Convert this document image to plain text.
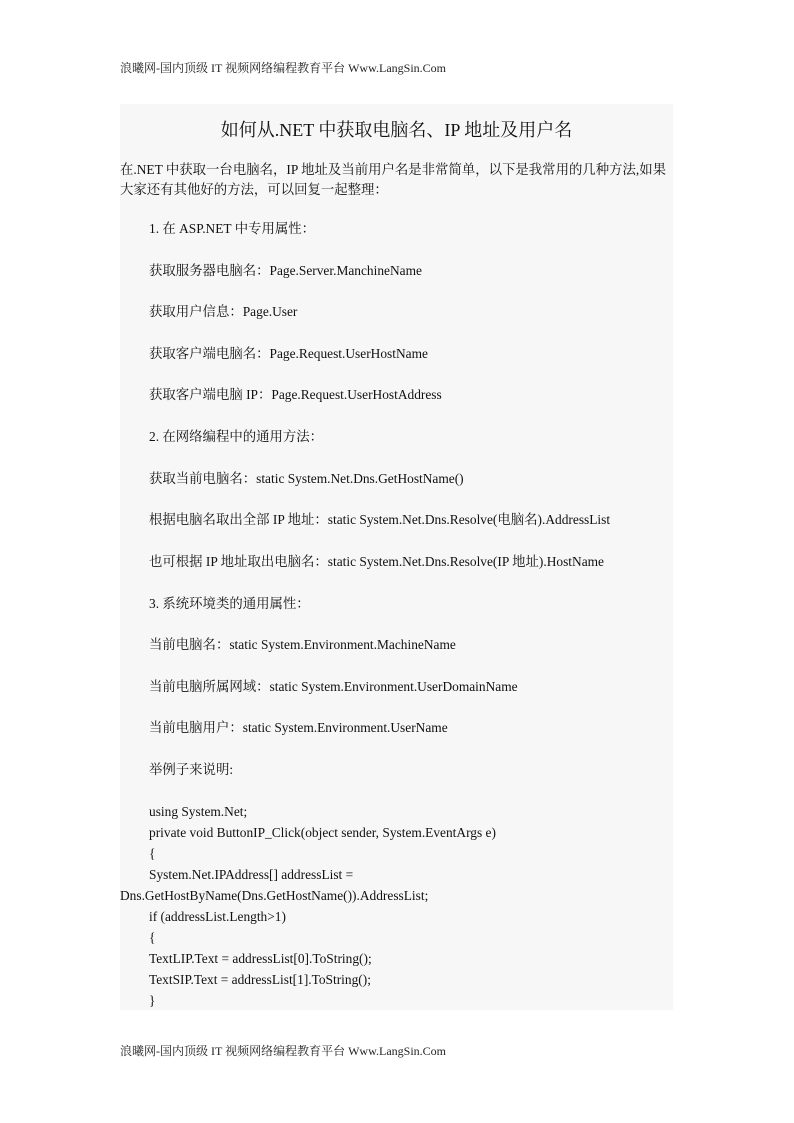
浪曦网-国内顶级 IT 视频网络编程教育平台 Www.LangSin.Com
如何从.NET 中获取电脑名、IP 地址及用户名
在.NET 中获取一台电脑名，IP 地址及当前用户名是非常简单，以下是我常用的几种方法,如果大家还有其他好的方法，可以回复一起整理：
1. 在 ASP.NET 中专用属性：
获取服务器电脑名：Page.Server.ManchineName
获取用户信息：Page.User
获取客户端电脑名：Page.Request.UserHostName
获取客户端电脑 IP：Page.Request.UserHostAddress
2. 在网络编程中的通用方法：
获取当前电脑名：static System.Net.Dns.GetHostName()
根据电脑名取出全部 IP 地址：static System.Net.Dns.Resolve(电脑名).AddressList
也可根据 IP 地址取出电脑名：static System.Net.Dns.Resolve(IP 地址).HostName
3. 系统环境类的通用属性：
当前电脑名：static System.Environment.MachineName
当前电脑所属网域：static System.Environment.UserDomainName
当前电脑用户：static System.Environment.UserName
举例子来说明:
using System.Net;
private void ButtonIP_Click(object sender, System.EventArgs e)
{
System.Net.IPAddress[] addressList =
Dns.GetHostByName(Dns.GetHostName()).AddressList;
if (addressList.Length>1)
{
TextLIP.Text = addressList[0].ToString();
TextSIP.Text = addressList[1].ToString();
}
浪曦网-国内顶级 IT 视频网络编程教育平台 Www.LangSin.Com
